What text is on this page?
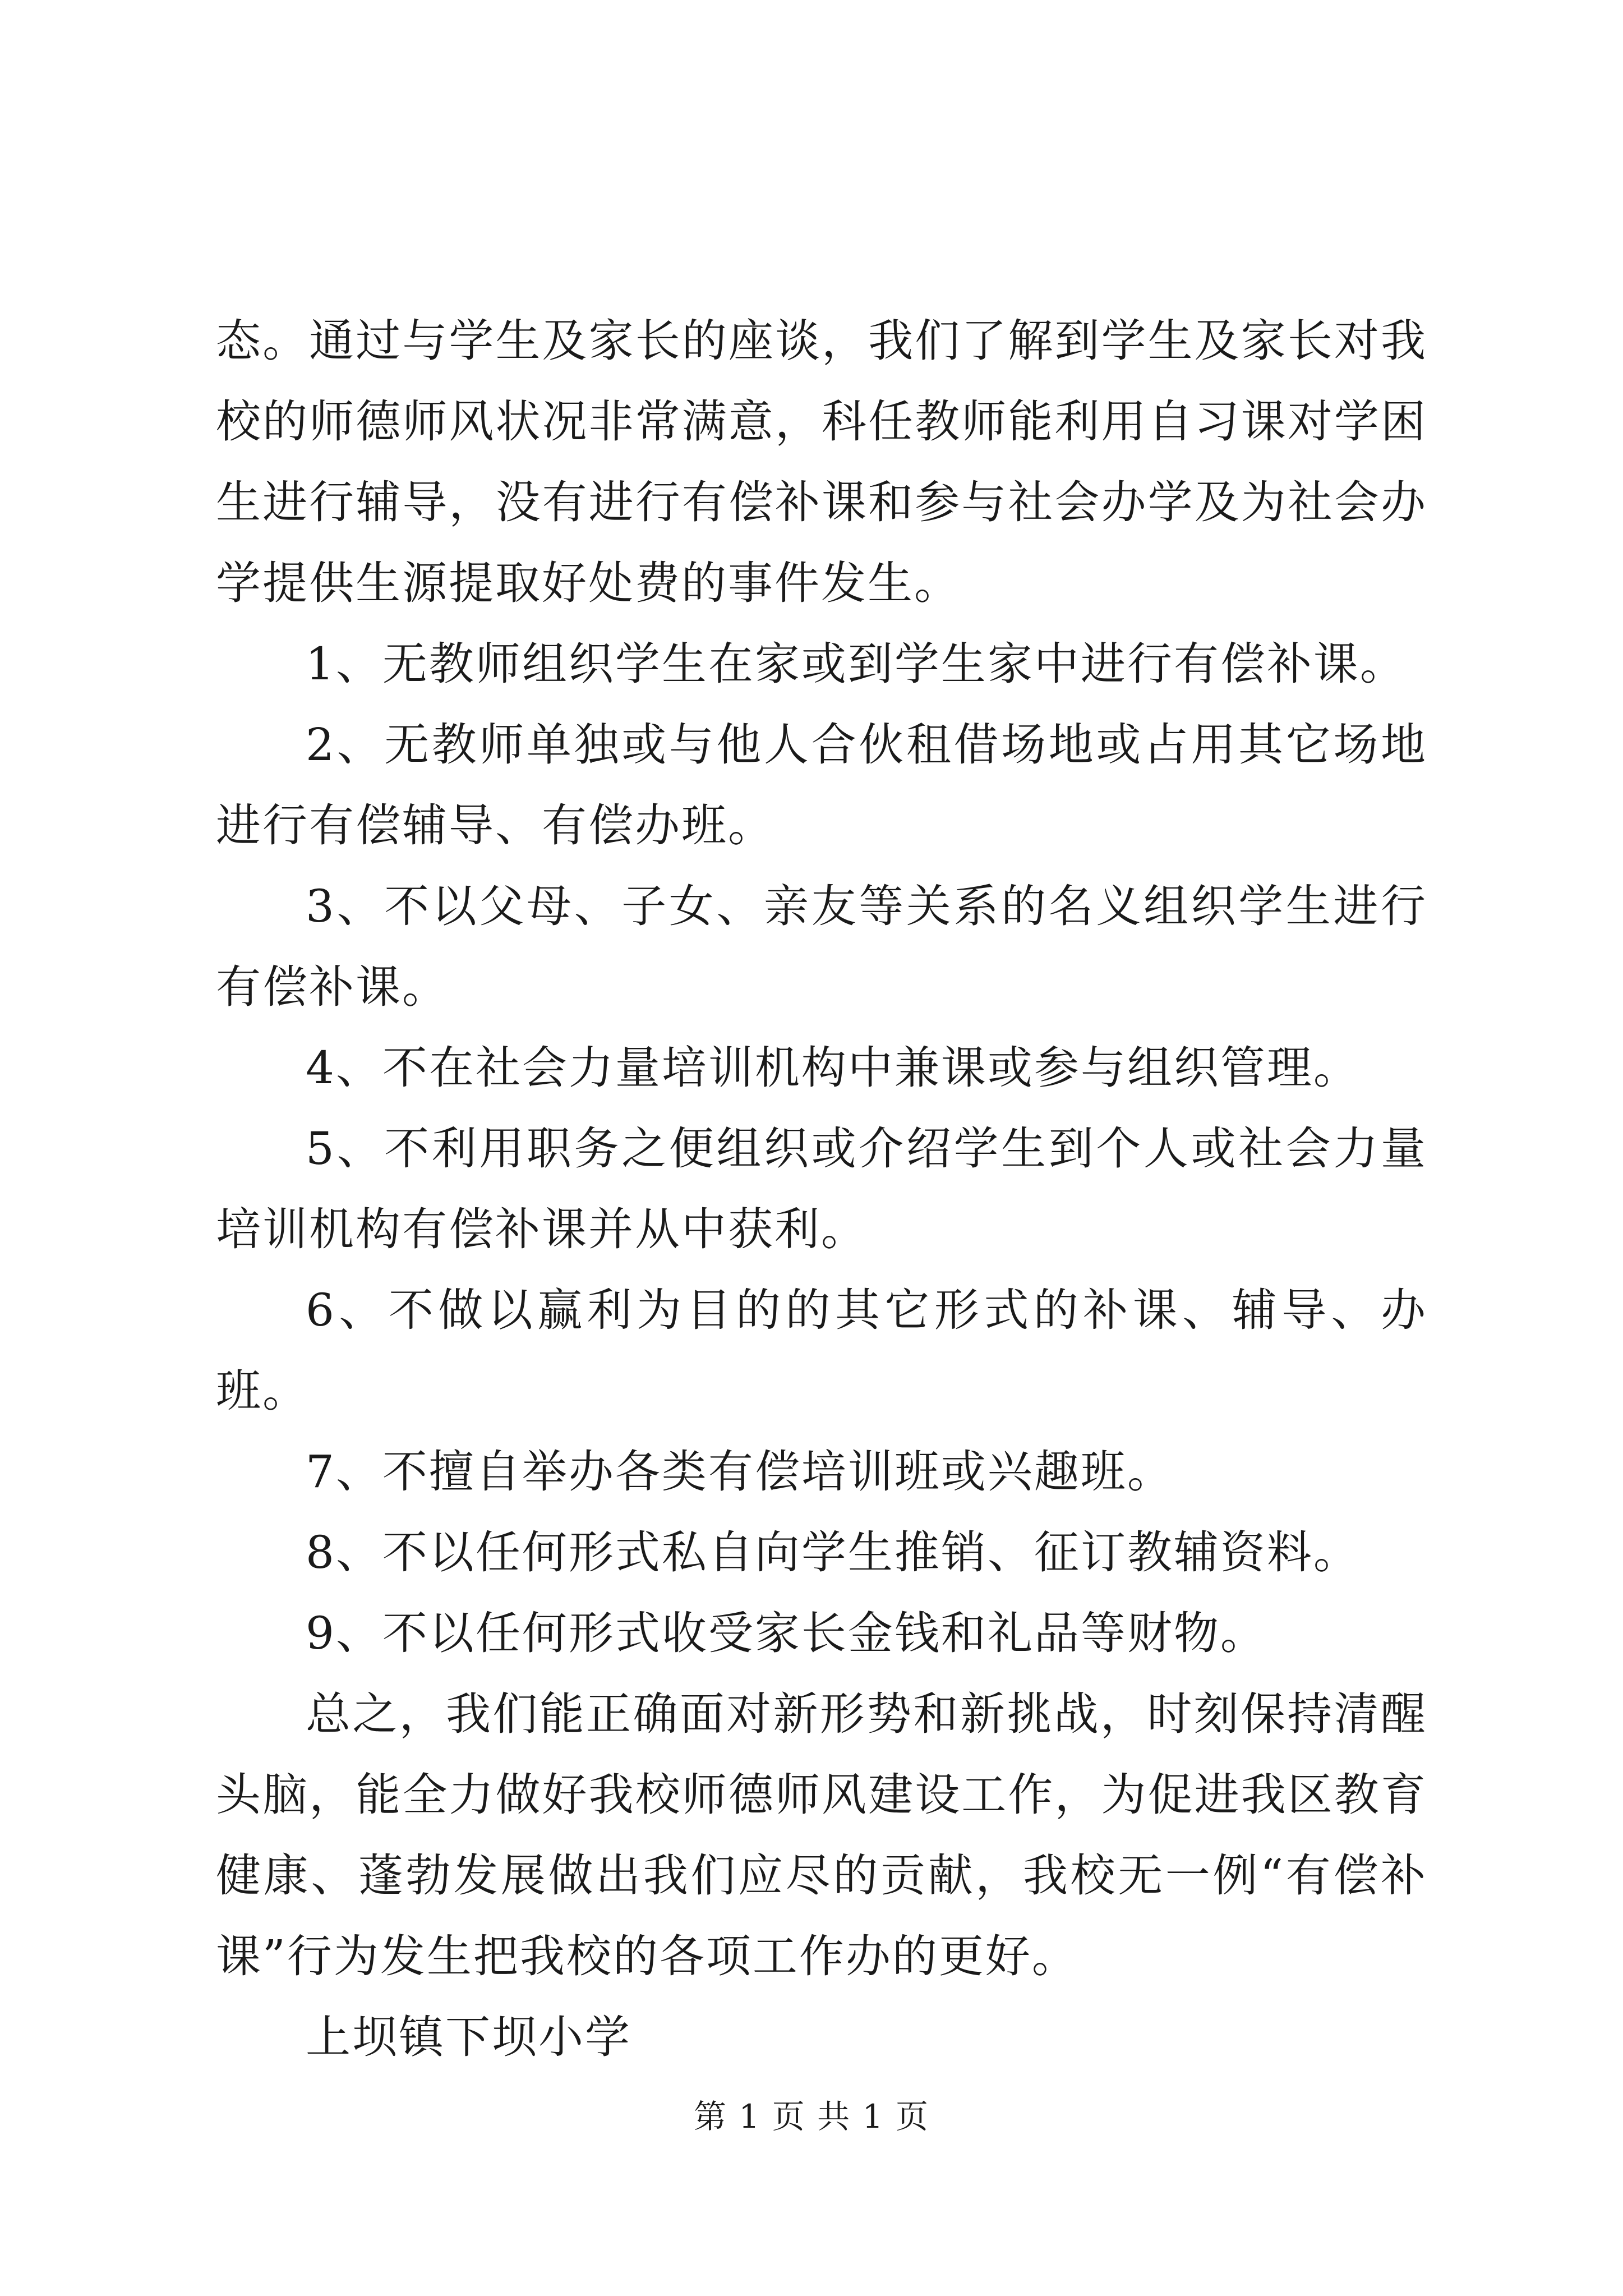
态。通过与学生及家长的座谈，我们了解到学生及家长对我校的师德师风状况非常满意，科任教师能利用自习课对学困生进行辅导，没有进行有偿补课和参与社会办学及为社会办学提供生源提取好处费的事件发生。

1、无教师组织学生在家或到学生家中进行有偿补课。

2、无教师单独或与他人合伙租借场地或占用其它场地进行有偿辅导、有偿办班。

3、不以父母、子女、亲友等关系的名义组织学生进行有偿补课。

4、不在社会力量培训机构中兼课或参与组织管理。

5、不利用职务之便组织或介绍学生到个人或社会力量培训机构有偿补课并从中获利。

6、不做以赢利为目的的其它形式的补课、辅导、办班。

7、不擅自举办各类有偿培训班或兴趣班。

8、不以任何形式私自向学生推销、征订教辅资料。

9、不以任何形式收受家长金钱和礼品等财物。

总之，我们能正确面对新形势和新挑战，时刻保持清醒头脑，能全力做好我校师德师风建设工作，为促进我区教育健康、蓬勃发展做出我们应尽的贡献，我校无一例“有偿补课”行为发生把我校的各项工作办的更好。

上坝镇下坝小学

第 1 页 共 1 页
